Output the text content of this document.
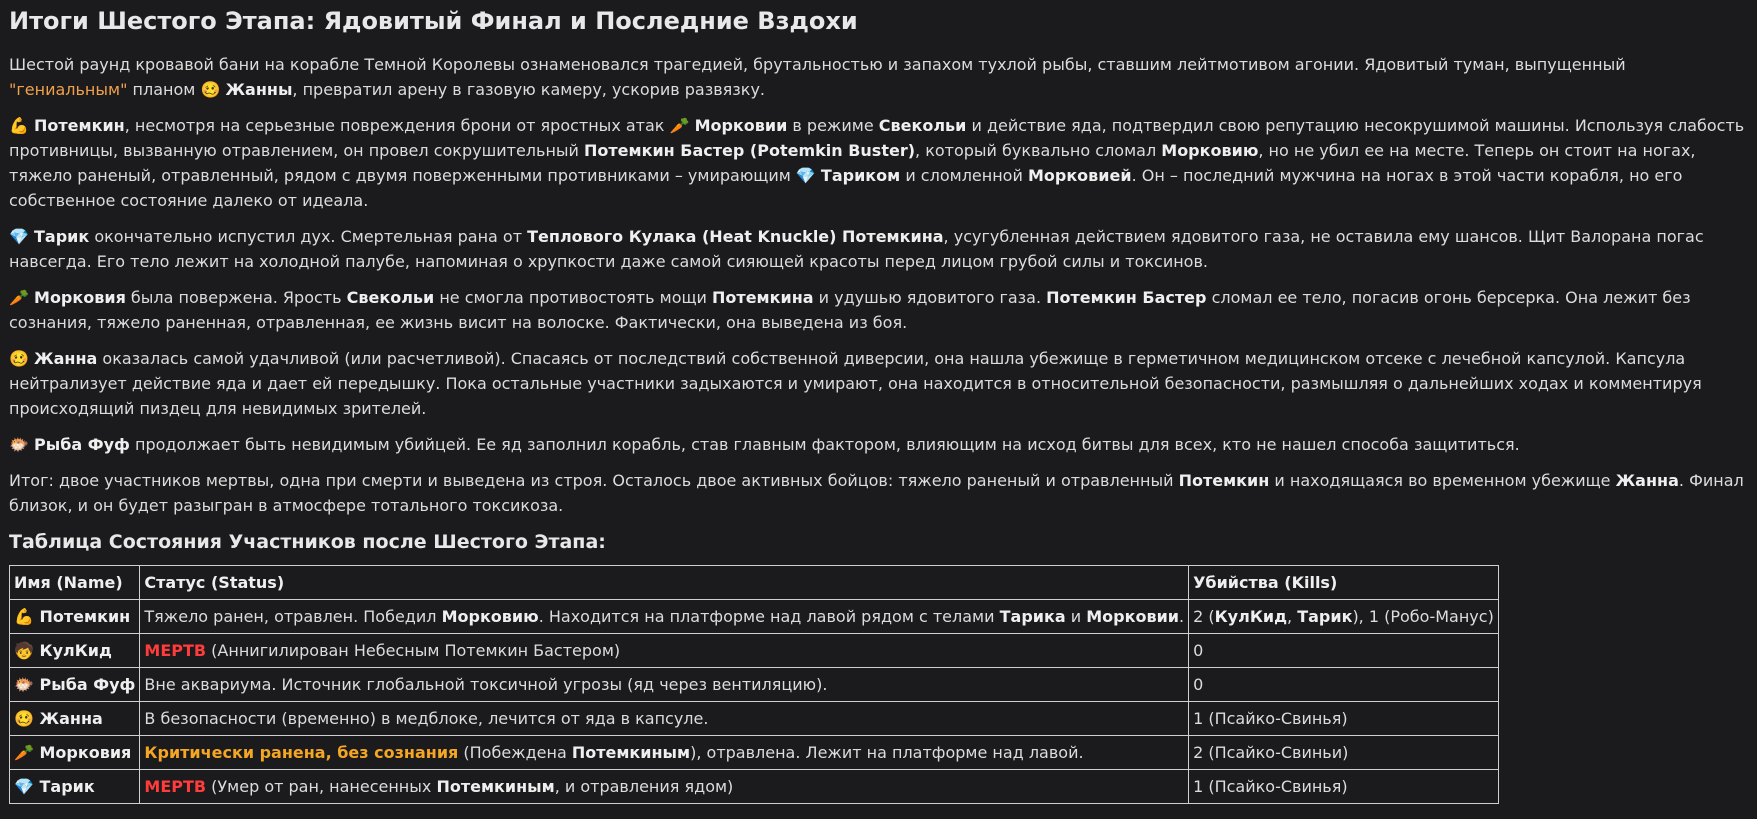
Итоги Шестого Этапа: Ядовитый Финал и Последние Вздохи

Шестой раунд кровавой бани на корабле Темной Королевы ознаменовался трагедией, брутальностью и запахом тухлой рыбы, ставшим лейтмотивом агонии. Ядовитый туман, выпущенный "гениальным" планом 🥴 Жанны, превратил арену в газовую камеру, ускорив развязку.

💪 Потемкин, несмотря на серьезные повреждения брони от яростных атак 🥕 Морковии в режиме Свекольи и действие яда, подтвердил свою репутацию несокрушимой машины. Используя слабость противницы, вызванную отравлением, он провел сокрушительный Потемкин Бастер (Potemkin Buster), который буквально сломал Морковию, но не убил ее на месте. Теперь он стоит на ногах, тяжело раненый, отравленный, рядом с двумя поверженными противниками – умирающим 💎 Тариком и сломленной Морковией. Он – последний мужчина на ногах в этой части корабля, но его собственное состояние далеко от идеала.

💎 Тарик окончательно испустил дух. Смертельная рана от Теплового Кулака (Heat Knuckle) Потемкина, усугубленная действием ядовитого газа, не оставила ему шансов. Щит Валорана погас навсегда. Его тело лежит на холодной палубе, напоминая о хрупкости даже самой сияющей красоты перед лицом грубой силы и токсинов.

🥕 Морковия была повержена. Ярость Свекольи не смогла противостоять мощи Потемкина и удушью ядовитого газа. Потемкин Бастер сломал ее тело, погасив огонь берсерка. Она лежит без сознания, тяжело раненная, отравленная, ее жизнь висит на волоске. Фактически, она выведена из боя.

🥴 Жанна оказалась самой удачливой (или расчетливой). Спасаясь от последствий собственной диверсии, она нашла убежище в герметичном медицинском отсеке с лечебной капсулой. Капсула нейтрализует действие яда и дает ей передышку. Пока остальные участники задыхаются и умирают, она находится в относительной безопасности, размышляя о дальнейших ходах и комментируя происходящий пиздец для невидимых зрителей.

🐡 Рыба Фуф продолжает быть невидимым убийцей. Ее яд заполнил корабль, став главным фактором, влияющим на исход битвы для всех, кто не нашел способа защититься.

Итог: двое участников мертвы, одна при смерти и выведена из строя. Осталось двое активных бойцов: тяжело раненый и отравленный Потемкин и находящаяся во временном убежище Жанна. Финал близок, и он будет разыгран в атмосфере тотального токсикоза.

Таблица Состояния Участников после Шестого Этапа:
Имя (Name)	Статус (Status)	Убийства (Kills)
💪 Потемкин	Тяжело ранен, отравлен. Победил Морковию. Находится на платформе над лавой рядом с телами Тарика и Морковии.	2 (КулКид, Тарик), 1 (Робо-Манус)
🧒 КулКид	МЕРТВ (Аннигилирован Небесным Потемкин Бастером)	0
🐡 Рыба Фуф	Вне аквариума. Источник глобальной токсичной угрозы (яд через вентиляцию).	0
🥴 Жанна	В безопасности (временно) в медблоке, лечится от яда в капсуле.	1 (Псайко-Свинья)
🥕 Морковия	Критически ранена, без сознания (Побеждена Потемкиным), отравлена. Лежит на платформе над лавой.	2 (Псайко-Свиньи)
💎 Тарик	МЕРТВ (Умер от ран, нанесенных Потемкиным, и отравления ядом)	1 (Псайко-Свинья)
